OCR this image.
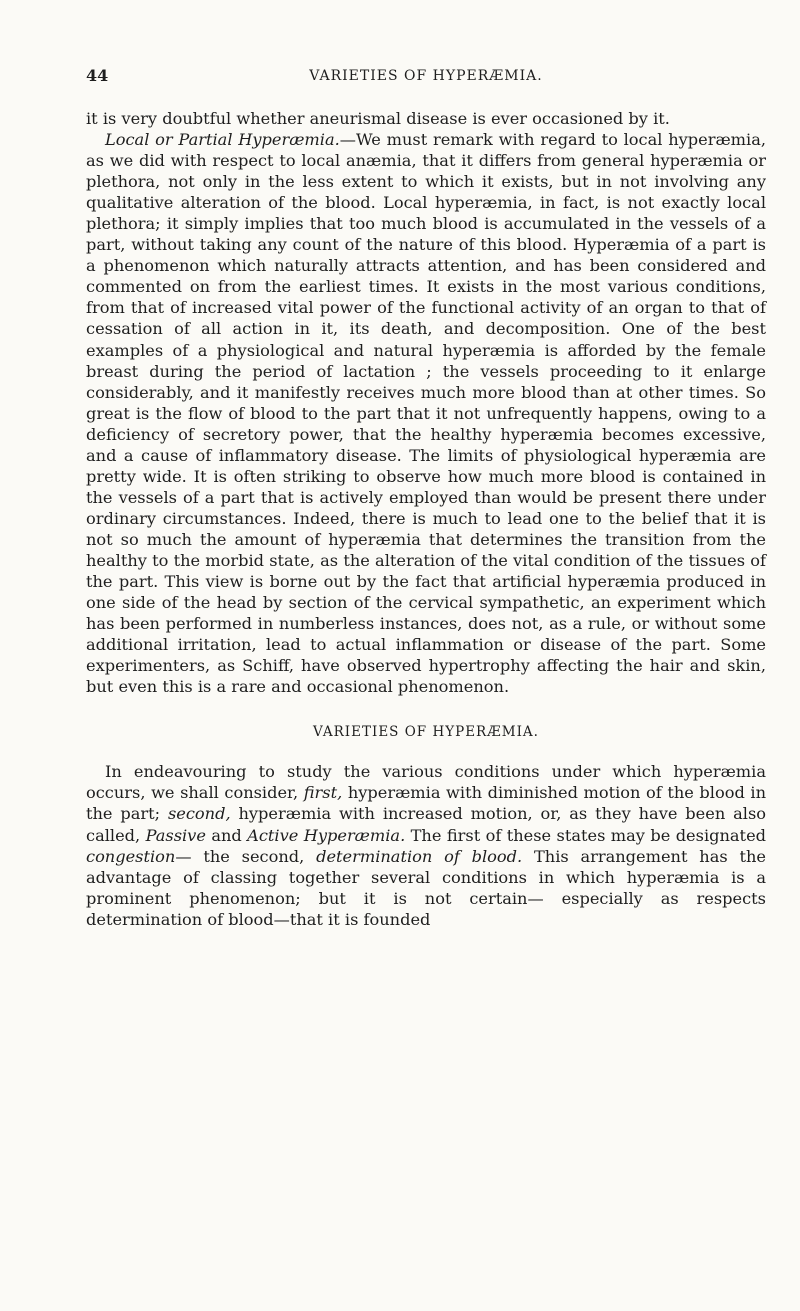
44	VARIETIES OF HYPERÆMIA.

it is very doubtful whether aneurismal disease is ever occasioned by it.

Local or Partial Hyperæmia.—We must remark with regard to local hyperæmia, as we did with respect to local anæmia, that it differs from general hyperæmia or plethora, not only in the less extent to which it exists, but in not involving any qualitative alteration of the blood. Local hyperæmia, in fact, is not exactly local plethora; it simply implies that too much blood is accumulated in the vessels of a part, without taking any count of the nature of this blood. Hyperæmia of a part is a phenomenon which naturally attracts attention, and has been considered and commented on from the earliest times. It exists in the most various conditions, from that of increased vital power of the functional activity of an organ to that of cessation of all action in it, its death, and decomposition. One of the best examples of a physiological and natural hyperæmia is afforded by the female breast during the period of lactation ; the vessels proceeding to it enlarge considerably, and it manifestly receives much more blood than at other times. So great is the flow of blood to the part that it not unfrequently happens, owing to a deficiency of secretory power, that the healthy hyperæmia becomes excessive, and a cause of inflammatory disease. The limits of physiological hyperæmia are pretty wide. It is often striking to observe how much more blood is contained in the vessels of a part that is actively employed than would be present there under ordinary circumstances. Indeed, there is much to lead one to the belief that it is not so much the amount of hyperæmia that determines the transition from the healthy to the morbid state, as the alteration of the vital condition of the tissues of the part. This view is borne out by the fact that artificial hyperæmia produced in one side of the head by section of the cervical sympathetic, an experiment which has been performed in numberless instances, does not, as a rule, or without some additional irritation, lead to actual inflammation or disease of the part. Some experimenters, as Schiff, have observed hypertrophy affecting the hair and skin, but even this is a rare and occasional phenomenon.

VARIETIES OF HYPERÆMIA.

In endeavouring to study the various conditions under which hyperæmia occurs, we shall consider, first, hyperæmia with diminished motion of the blood in the part; second, hyperæmia with increased motion, or, as they have been also called, Passive and Active Hyperæmia. The first of these states may be designated congestion— the second, determination of blood. This arrangement has the advantage of classing together several conditions in which hyperæmia is a prominent phenomenon; but it is not certain— especially as respects determination of blood—that it is founded
